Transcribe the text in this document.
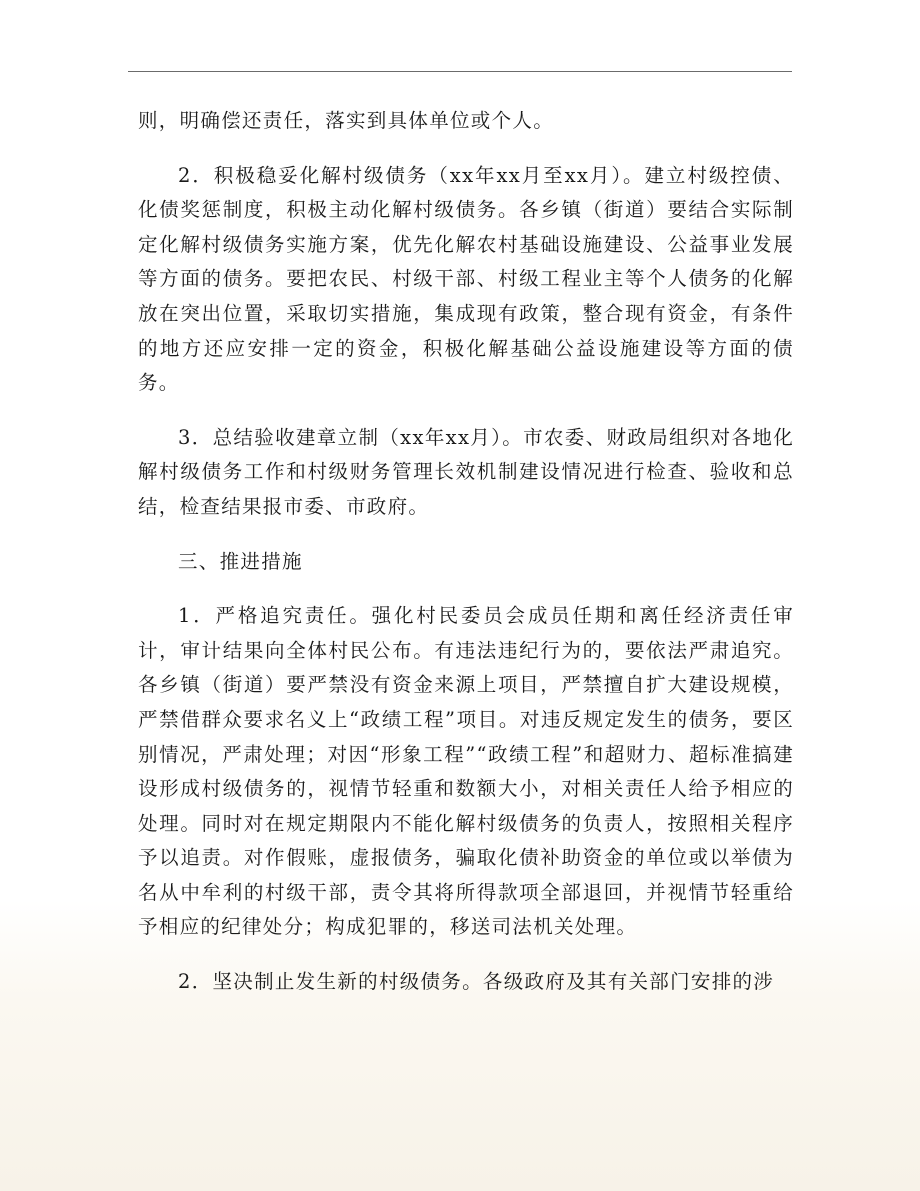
则，明确偿还责任，落实到具体单位或个人。

2．积极稳妥化解村级债务（xx年xx月至xx月）。建立村级控债、化债奖惩制度，积极主动化解村级债务。各乡镇（街道）要结合实际制定化解村级债务实施方案，优先化解农村基础设施建设、公益事业发展等方面的债务。要把农民、村级干部、村级工程业主等个人债务的化解放在突出位置，采取切实措施，集成现有政策，整合现有资金，有条件的地方还应安排一定的资金，积极化解基础公益设施建设等方面的债务。

3．总结验收建章立制（xx年xx月）。市农委、财政局组织对各地化解村级债务工作和村级财务管理长效机制建设情况进行检查、验收和总结，检查结果报市委、市政府。

三、推进措施

1．严格追究责任。强化村民委员会成员任期和离任经济责任审计，审计结果向全体村民公布。有违法违纪行为的，要依法严肃追究。各乡镇（街道）要严禁没有资金来源上项目，严禁擅自扩大建设规模，严禁借群众要求名义上“政绩工程”项目。对违反规定发生的债务，要区别情况，严肃处理；对因“形象工程”“政绩工程”和超财力、超标准搞建设形成村级债务的，视情节轻重和数额大小，对相关责任人给予相应的处理。同时对在规定期限内不能化解村级债务的负责人，按照相关程序予以追责。对作假账，虚报债务，骗取化债补助资金的单位或以举债为名从中牟利的村级干部，责令其将所得款项全部退回，并视情节轻重给予相应的纪律处分；构成犯罪的，移送司法机关处理。

2．坚决制止发生新的村级债务。各级政府及其有关部门安排的涉
